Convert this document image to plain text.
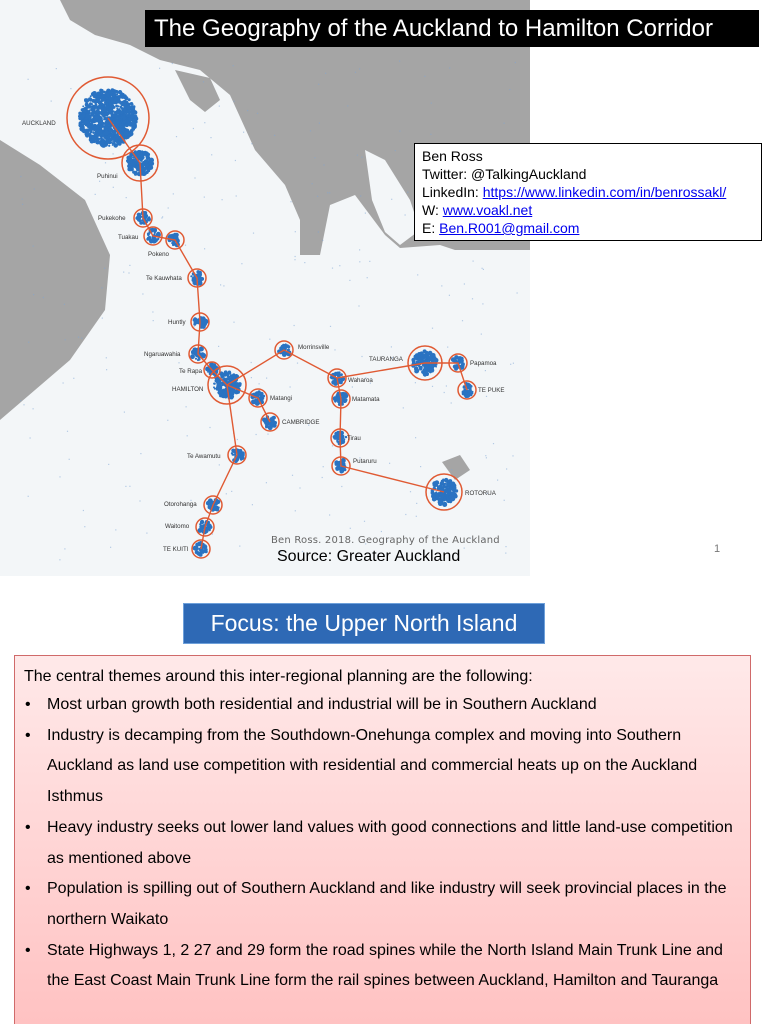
AUCKLAND
Puhinui
Pukekohe
Tuakau
Pokeno
Te Kauwhata
Huntly
Ngaruawahia
Te Rapa
HAMILTON
Matangi
CAMBRIDGE
Morrinsville
Waharoa
Matamata
TAURANGA
Papamoa
TE PUKE
Tirau
Putaruru
ROTORUA
Te Awamutu
Otorohanga
Waitomo
TE KUITI
Ben Ross. 2018. Geography of the Auckland
Source: Greater Auckland	1
The Geography of the Auckland to Hamilton Corridor
Ben Ross
Twitter: @TalkingAuckland
LinkedIn: https://www.linkedin.com/in/benrossakl/
W: www.voakl.net
E: Ben.R001@gmail.com
Focus: the Upper North Island
The central themes around this inter-regional planning are the following:
• Most urban growth both residential and industrial will be in Southern Auckland
• Industry is decamping from the Southdown-Onehunga complex and moving into Southern Auckland as land use competition with residential and commercial heats up on the Auckland Isthmus
• Heavy industry seeks out lower land values with good connections and little land-use competition as mentioned above
• Population is spilling out of Southern Auckland and like industry will seek provincial places in the northern Waikato
• State Highways 1, 2 27 and 29 form the road spines while the North Island Main Trunk Line and the East Coast Main Trunk Line form the rail spines between Auckland, Hamilton and Tauranga
